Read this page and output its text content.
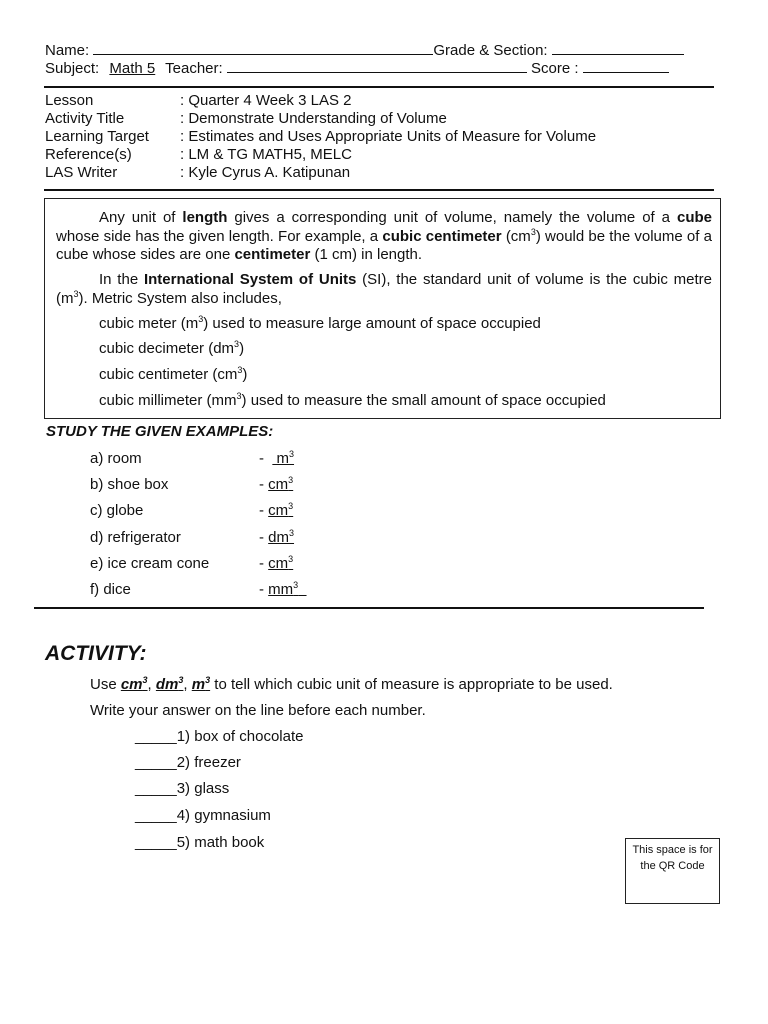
Name:	Grade & Section:
Subject: Math 5 Teacher:	Score :
Lesson	: Quarter 4 Week 3 LAS 2
Activity Title	: Demonstrate Understanding of Volume
Learning Target : Estimates and Uses Appropriate Units of Measure for Volume
Reference(s)	: LM & TG MATH5, MELC
LAS Writer	: Kyle Cyrus A. Katipunan
Any unit of length gives a corresponding unit of volume, namely the volume of a cube whose side has the given length. For example, a cubic centimeter $(cm^3)$ would be the volume of a cube whose sides are one centimeter (1 cm) in length.
In the International System of Units (SI), the standard unit of volume is the cubic metre $(m^3)$. Metric System also includes,
cubic meter $(m^3)$ used to measure large amount of space occupied
cubic decimeter $(dm^3)$
cubic centimeter $(cm^3)$
cubic millimeter $(mm^3)$ used to measure the small amount of space occupied
STUDY THE GIVEN EXAMPLES:
a) room	- $m^3$
b) shoe box	- $cm^3$
c) globe	- $cm^3$
d) refrigerator	- $dm^3$
e) ice cream cone	- $cm^3$
f) dice	- $mm^3$
ACTIVITY:
Use $cm^3$, $dm^3$, $m^3$ to tell which cubic unit of measure is appropriate to be used.
Write your answer on the line before each number.
_____1) box of chocolate
_____2) freezer
_____3) glass
_____4) gymnasium
_____5) math book	This space is for the QR Code
